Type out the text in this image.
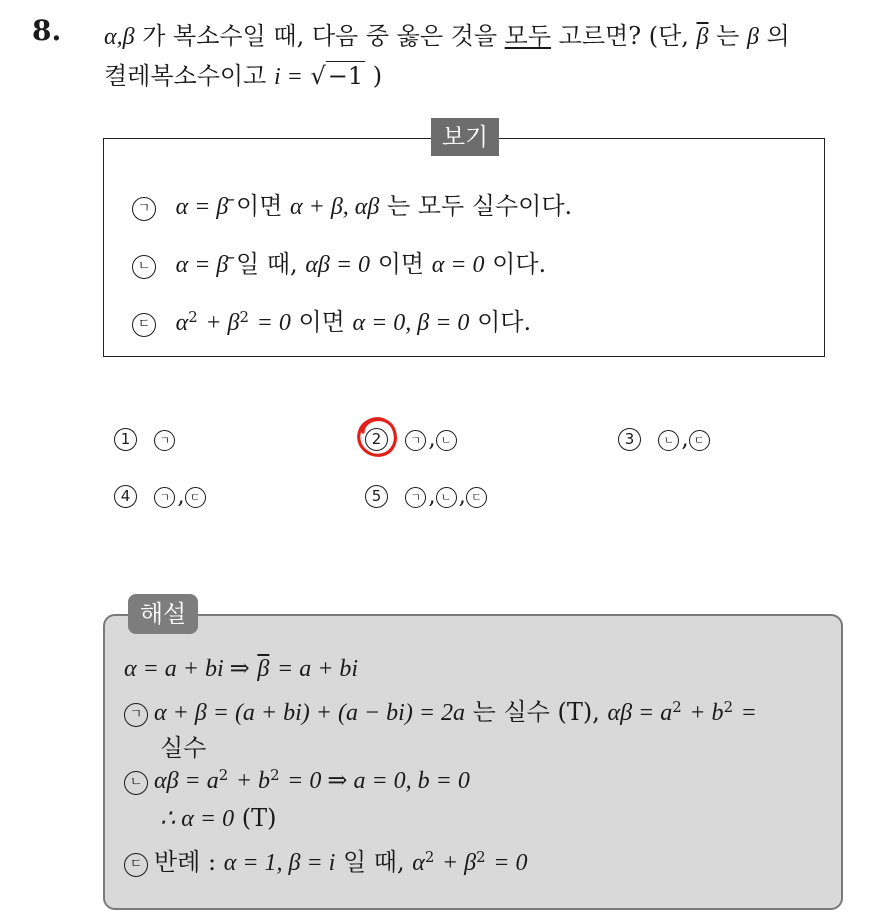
8. α,β 가 복소수일 때, 다음 중 옳은 것을 모두 고르면? (단, $\overline{\beta}$ 는 β 의
켤레복소수이고 i = √−1 )
보기
ㄱ α = β̄ 이면 α + β, αβ 는 모두 실수이다.
ㄴ α = β̄ 일 때, αβ = 0 이면 α = 0 이다.
ㄷ $\alpha^2 + \beta^2 = 0$ 이면 α = 0, β = 0 이다.
1	ㄱ	2	ㄱ , ㄴ	3	ㄴ , ㄷ
4	ㄱ , ㄷ	5	ㄱ , ㄴ , ㄷ
해설
α = a + bi ⇒ $\overline{\beta} = a$ + bi
ㄱ α + β = (a + bi) + (a − bi) = 2a 는 실수 (T), $\alpha\beta = a^2 + b^2$ =
실수
ㄴ $\alpha\beta = a^2 + b^2 = 0$ ⇒ a = 0, b = 0
∴ α = 0 (T)
ㄷ 반례 : α = 1, β = i 일 때, $\alpha^2 + \beta^2 = 0$
